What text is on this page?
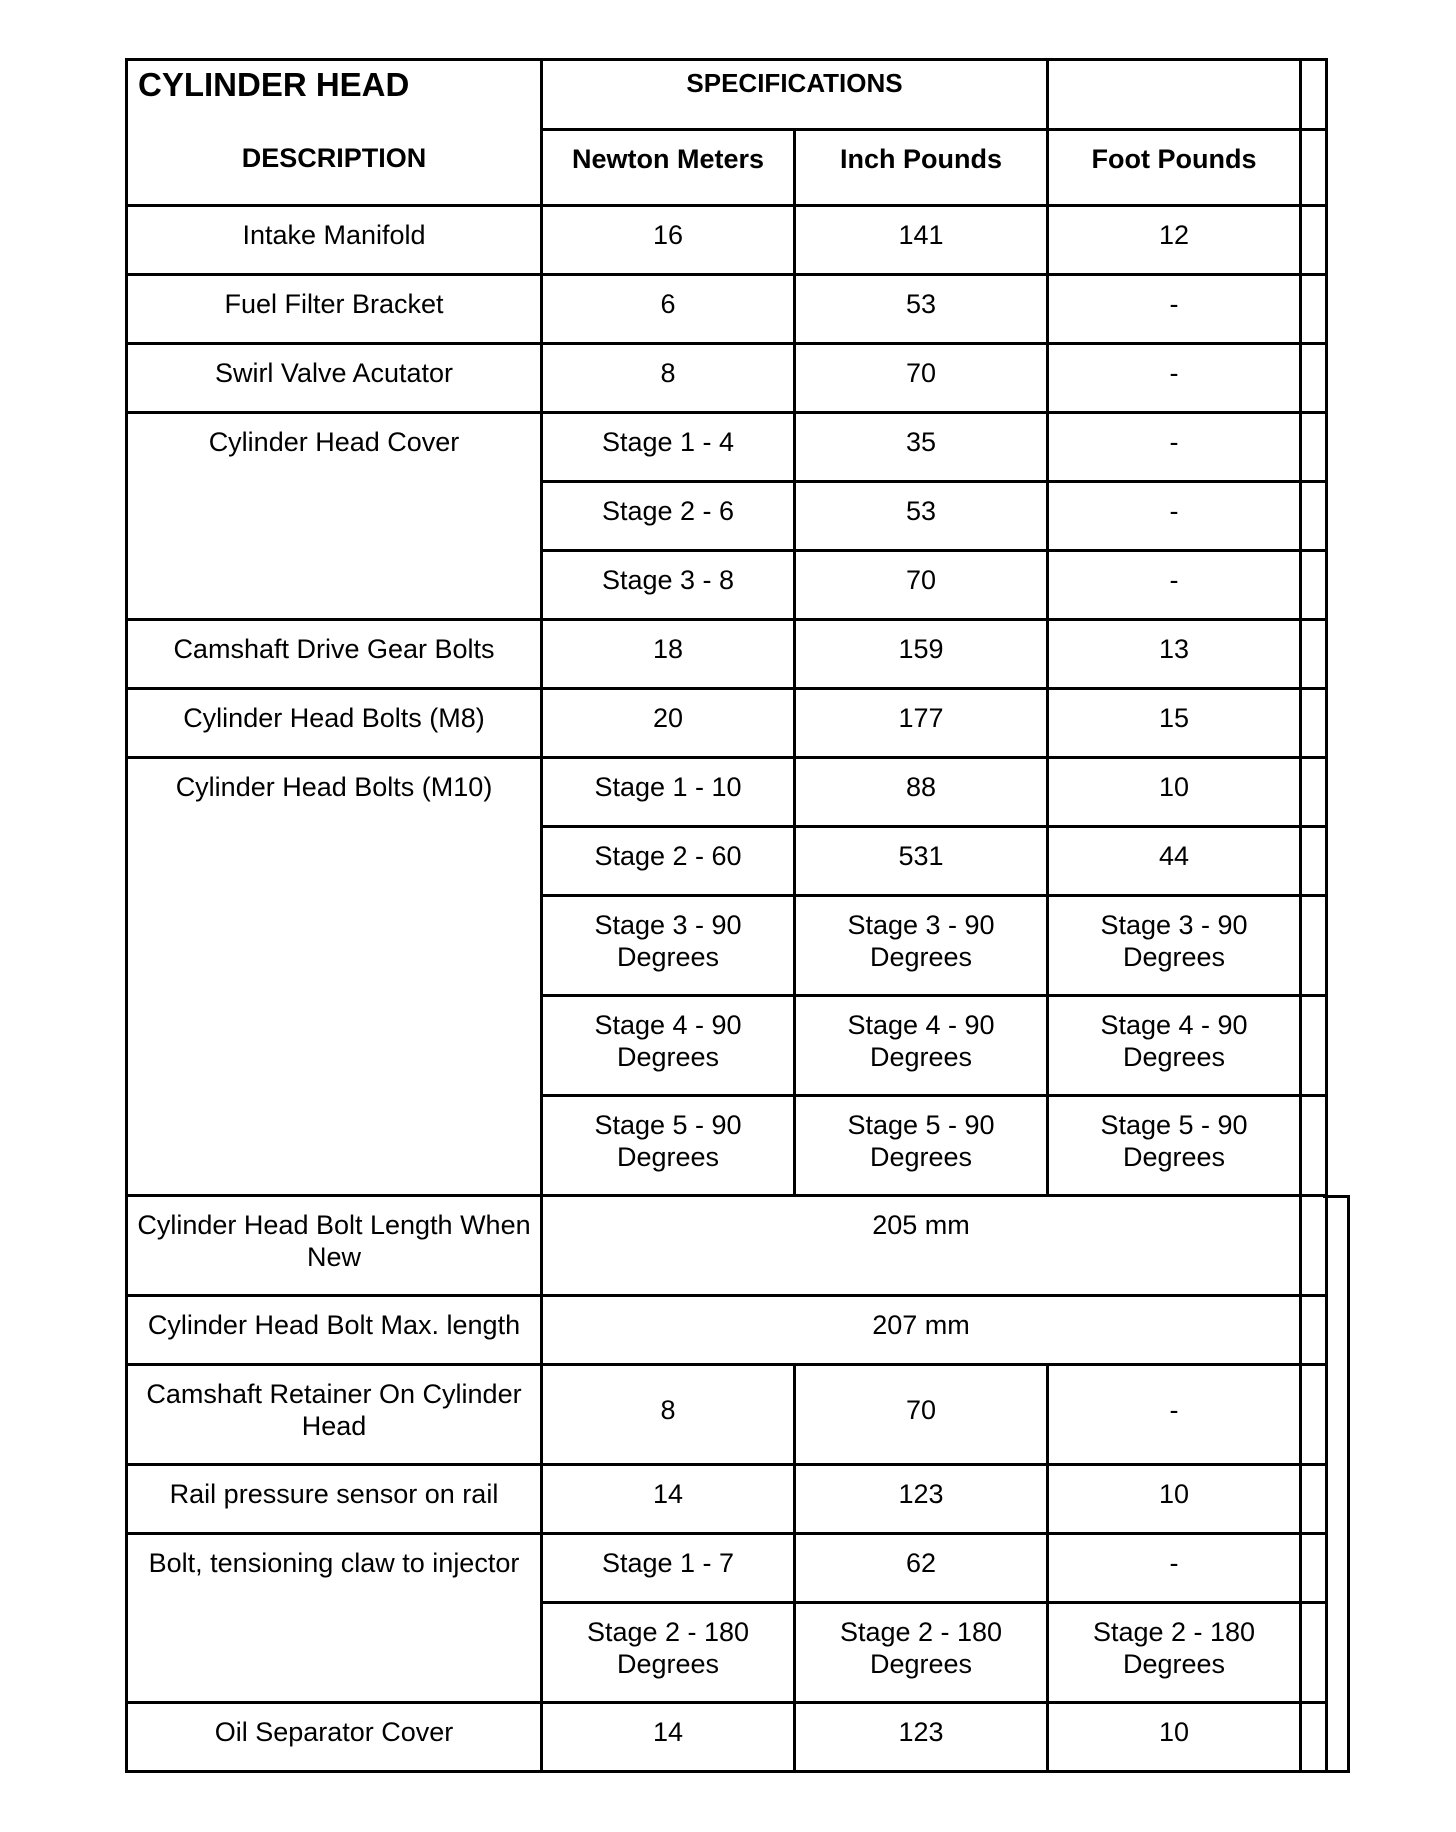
CYLINDER HEAD	SPECIFICATIONS			
DESCRIPTION	Newton Meters	Inch Pounds	Foot Pounds	
Intake Manifold	16	141	12	
Fuel Filter Bracket	6	53	-	
Swirl Valve Acutator	8	70	-	
Cylinder Head Cover	Stage 1 - 4	35	-	
	Stage 2 - 6	53	-	
	Stage 3 - 8	70	-	
Camshaft Drive Gear Bolts	18	159	13	
Cylinder Head Bolts (M8)	20	177	15	
Cylinder Head Bolts (M10)	Stage 1 - 10	88	10	
	Stage 2 - 60	531	44	
	Stage 3 - 90 Degrees	Stage 3 - 90 Degrees	Stage 3 - 90 Degrees	
	Stage 4 - 90 Degrees	Stage 4 - 90 Degrees	Stage 4 - 90 Degrees	
	Stage 5 - 90 Degrees	Stage 5 - 90 Degrees	Stage 5 - 90 Degrees	
Cylinder Head Bolt Length When New	205 mm			
Cylinder Head Bolt Max. length	207 mm			
Camshaft Retainer On Cylinder Head	8	70	-	
Rail pressure sensor on rail	14	123	10	
Bolt, tensioning claw to injector	Stage 1 - 7	62	-	
	Stage 2 - 180 Degrees	Stage 2 - 180 Degrees	Stage 2 - 180 Degrees	
Oil Separator Cover	14	123	10	
